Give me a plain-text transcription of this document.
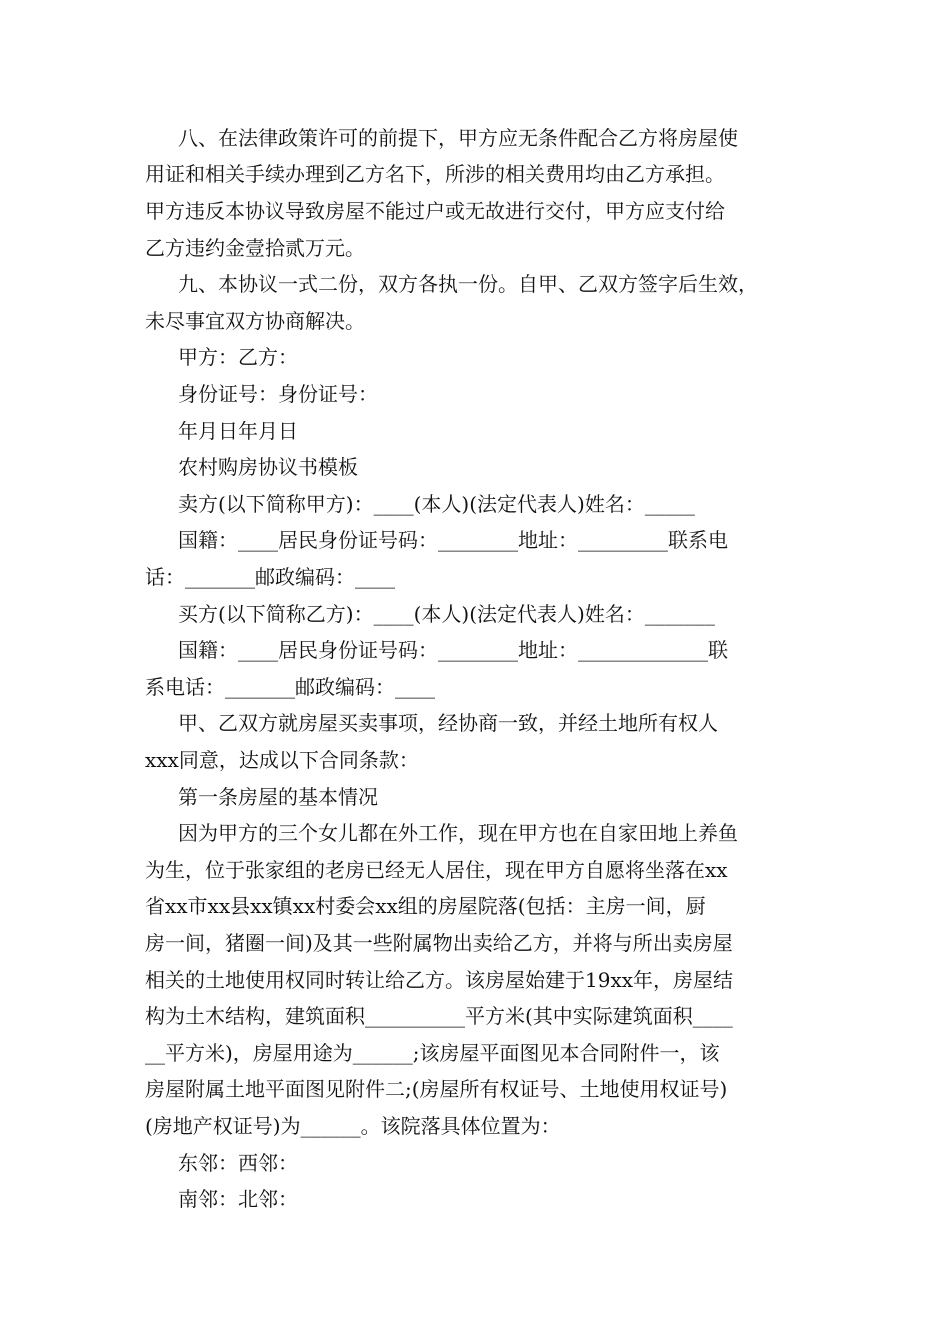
八、在法律政策许可的前提下，甲方应无条件配合乙方将房屋使

用证和相关手续办理到乙方名下，所涉的相关费用均由乙方承担。

甲方违反本协议导致房屋不能过户或无故进行交付，甲方应支付给

乙方违约金壹拾贰万元。

九、本协议一式二份，双方各执一份。自甲、乙双方签字后生效，

未尽事宜双方协商解决。

甲方：乙方：

身份证号：身份证号：

年月日年月日

农村购房协议书模板

卖方(以下简称甲方)：____(本人)(法定代表人)姓名：_____

国籍：____居民身份证号码：________地址：_________联系电

话：_______邮政编码：____

买方(以下简称乙方)：____(本人)(法定代表人)姓名：_______

国籍：____居民身份证号码：________地址：_____________联

系电话：_______邮政编码：____

甲、乙双方就房屋买卖事项，经协商一致，并经土地所有权人

xxx同意，达成以下合同条款：

第一条房屋的基本情况

因为甲方的三个女儿都在外工作，现在甲方也在自家田地上养鱼

为生，位于张家组的老房已经无人居住，现在甲方自愿将坐落在xx

省xx市xx县xx镇xx村委会xx组的房屋院落(包括：主房一间，厨

房一间，猪圈一间)及其一些附属物出卖给乙方，并将与所出卖房屋

相关的土地使用权同时转让给乙方。该房屋始建于19xx年，房屋结

构为土木结构，建筑面积__________平方米(其中实际建筑面积____

__平方米)，房屋用途为______;该房屋平面图见本合同附件一，该

房屋附属土地平面图见附件二;(房屋所有权证号、土地使用权证号)

(房地产权证号)为______。该院落具体位置为：

东邻：西邻：

南邻：北邻：
